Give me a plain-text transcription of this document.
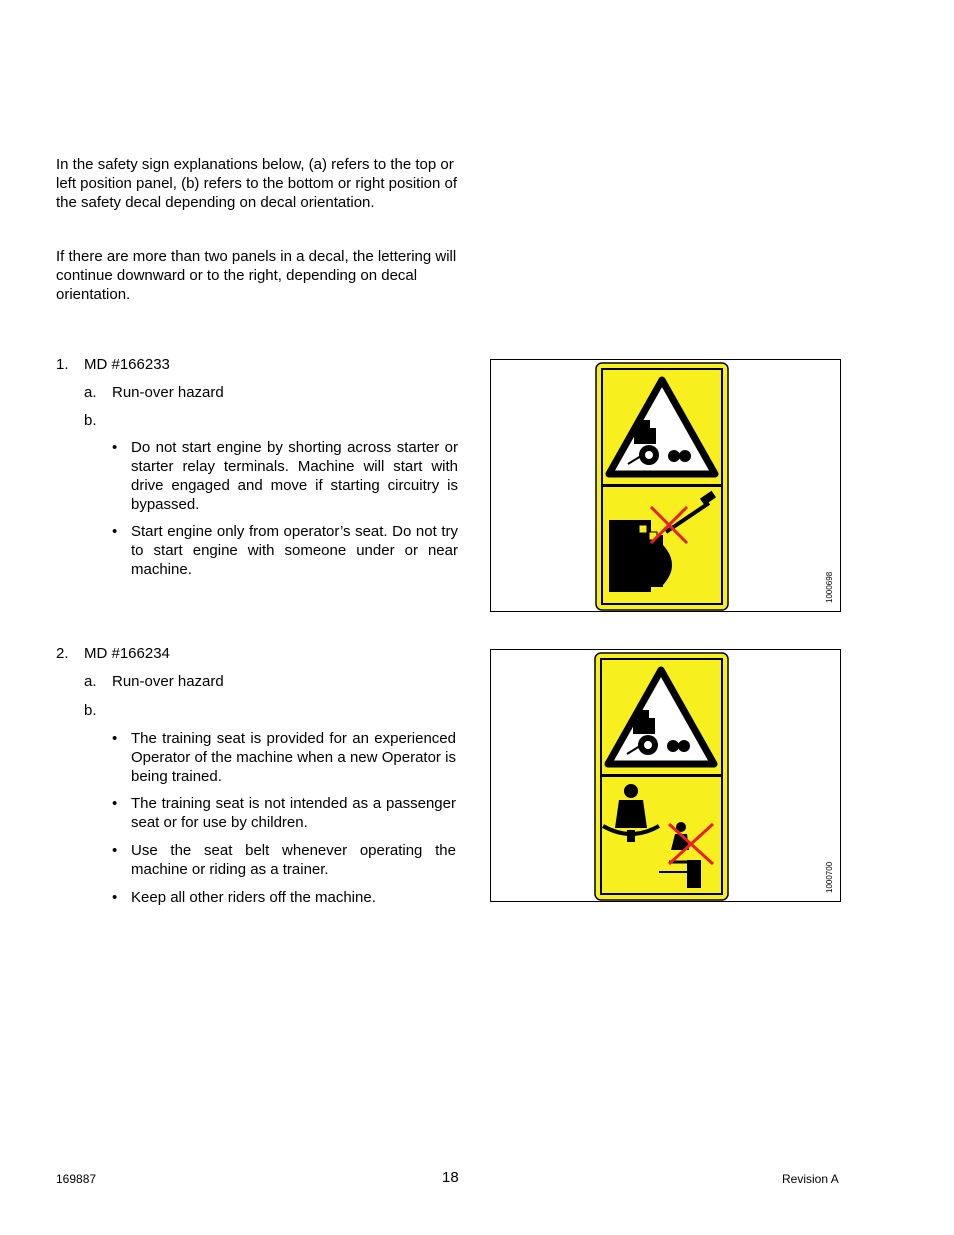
In the safety sign explanations below, (a) refers to the top or left position panel, (b) refers to the bottom or right position of the safety decal depending on decal orientation.

If there are more than two panels in a decal, the lettering will continue downward or to the right, depending on decal orientation.

1. MD #166233
a. Run-over hazard
b.
• Do not start engine by shorting across starter or starter relay terminals. Machine will start with drive engaged and move if starting circuitry is bypassed.
• Start engine only from operator’s seat. Do not try to start engine with someone under or near machine.
1000698
2. MD #166234
a. Run-over hazard
b.
• The training seat is provided for an experienced Operator of the machine when a new Operator is being trained.
• The training seat is not intended as a passenger seat or for use by children.
• Use the seat belt whenever operating the machine or riding as a trainer.
• Keep all other riders off the machine.
1000700
169887	18	Revision A
